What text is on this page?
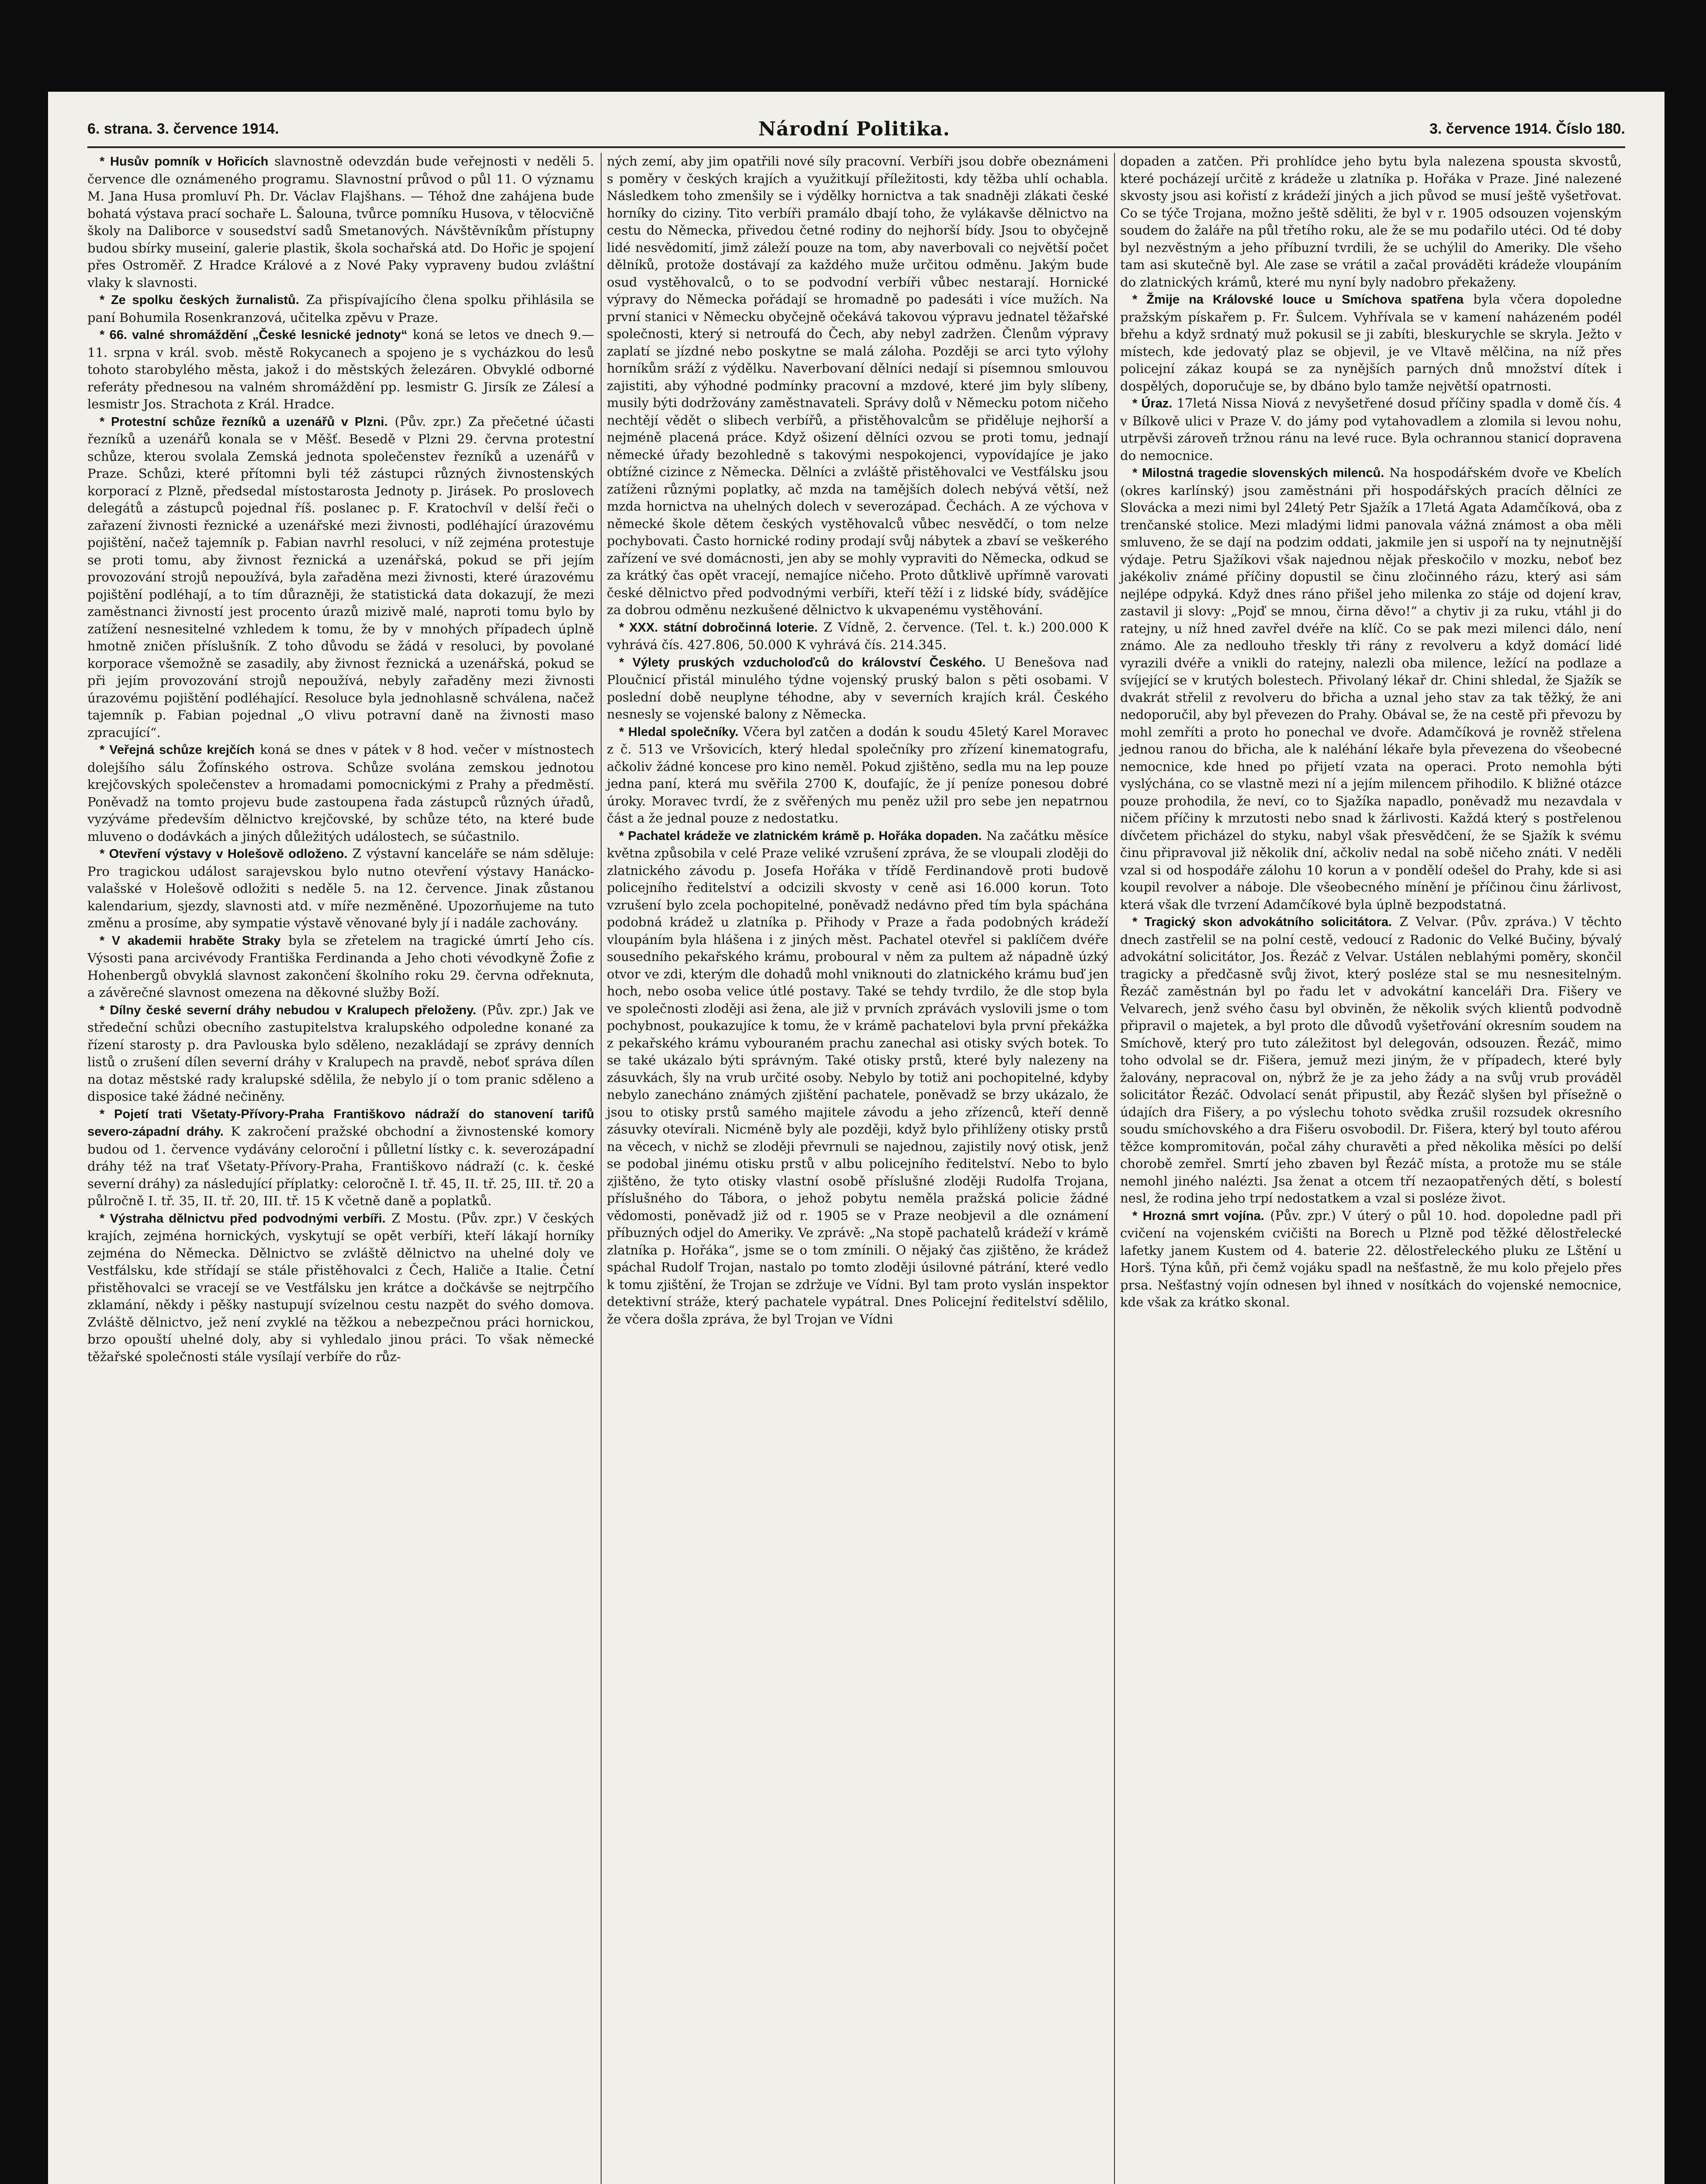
6. strana. 3. července 1914.	Národní Politika.	3. července 1914. Číslo 180.

* Husův pomník v Hořicích slavnostně odevzdán bude veřejnosti v neděli 5. července dle oznámeného programu. Slavnostní průvod o půl 11. O významu M. Jana Husa promluví Ph. Dr. Václav Flajšhans. — Téhož dne zahájena bude bohatá výstava prací sochaře L. Šalouna, tvůrce pomníku Husova, v tělocvičně školy na Daliborce v sousedství sadů Smetanových. Návštěvníkům přístupny budou sbírky museiní, galerie plastik, škola sochařská atd. Do Hořic je spojení přes Ostroměř. Z Hradce Králové a z Nové Paky vypraveny budou zvláštní vlaky k slavnosti.

* Ze spolku českých žurnalistů. Za přispívajícího člena spolku přihlásila se paní Bohumila Rosenkranzová, učitelka zpěvu v Praze.

* 66. valné shromáždění „České lesnické jednoty“ koná se letos ve dnech 9.—11. srpna v král. svob. městě Rokycanech a spojeno je s vycházkou do lesů tohoto starobylého města, jakož i do městských železáren. Obvyklé odborné referáty přednesou na valném shromáždění pp. lesmistr G. Jirsík ze Zálesí a lesmistr Jos. Strachota z Král. Hradce.

* Protestní schůze řezníků a uzenářů v Plzni. (Pův. zpr.) Za přečetné účasti řezníků a uzenářů konala se v Měšť. Besedě v Plzni 29. června protestní schůze, kterou svolala Zemská jednota společenstev řezníků a uzenářů v Praze. Schůzi, které přítomni byli též zástupci různých živnostenských korporací z Plzně, předsedal místostarosta Jednoty p. Jirásek. Po proslovech delegátů a zástupců pojednal říš. poslanec p. F. Kratochvíl v delší řeči o zařazení živnosti řeznické a uzenářské mezi živnosti, podléhající úrazovému pojištění, načež tajemník p. Fabian navrhl resoluci, v níž zejména protestuje se proti tomu, aby živnost řeznická a uzenářská, pokud se při jejím provozování strojů nepoužívá, byla zařaděna mezi živnosti, které úrazovému pojištění podléhají, a to tím důrazněji, že statistická data dokazují, že mezi zaměstnanci živností jest procento úrazů mizivě malé, naproti tomu bylo by zatížení nesnesitelné vzhledem k tomu, že by v mnohých případech úplně hmotně zničen příslušník. Z toho důvodu se žádá v resoluci, by povolané korporace všemožně se zasadily, aby živnost řeznická a uzenářská, pokud se při jejím provozování strojů nepoužívá, nebyly zařaděny mezi živnosti úrazovému pojištění podléhající. Resoluce byla jednohlasně schválena, načež tajemník p. Fabian pojednal „O vlivu potravní daně na živnosti maso zpracující“.

* Veřejná schůze krejčích koná se dnes v pátek v 8 hod. večer v místnostech dolejšího sálu Žofínského ostrova. Schůze svolána zemskou jednotou krejčovských společenstev a hromadami pomocnickými z Prahy a předměstí. Poněvadž na tomto projevu bude zastoupena řada zástupců různých úřadů, vyzýváme především dělnictvo krejčovské, by schůze této, na které bude mluveno o dodávkách a jiných důležitých událostech, se súčastnilo.

* Otevření výstavy v Holešově odloženo. Z výstavní kanceláře se nám sděluje: Pro tragickou událost sarajevskou bylo nutno otevření výstavy Hanácko-valašské v Holešově odložiti s neděle 5. na 12. července. Jinak zůstanou kalendarium, sjezdy, slavnosti atd. v míře nezměněné. Upozorňujeme na tuto změnu a prosíme, aby sympatie výstavě věnované byly jí i nadále zachovány.

* V akademii hraběte Straky byla se zřetelem na tragické úmrtí Jeho cís. Výsosti pana arcivévody Františka Ferdinanda a Jeho choti vévodkyně Žofie z Hohenbergů obvyklá slavnost zakončení školního roku 29. června odřeknuta, a závěrečné slavnost omezena na děkovné služby Boží.

* Dílny české severní dráhy nebudou v Kralupech přeloženy. (Pův. zpr.) Jak ve středeční schůzi obecního zastupitelstva kralupského odpoledne konané za řízení starosty p. dra Pavlouska bylo sděleno, nezakládají se zprávy denních listů o zrušení dílen severní dráhy v Kralupech na pravdě, neboť správa dílen na dotaz městské rady kralupské sdělila, že nebylo jí o tom pranic sděleno a disposice také žádné nečiněny.

* Pojetí trati Všetaty-Přívory-Praha Františkovo nádraží do stanovení tarifů severo-západní dráhy. K zakročení pražské obchodní a živnostenské komory budou od 1. července vydávány celoroční i půlletní lístky c. k. severozápadní dráhy též na trať Všetaty-Přívory-Praha, Františkovo nádraží (c. k. české severní dráhy) za následující příplatky: celoročně I. tř. 45, II. tř. 25, III. tř. 20 a půlročně I. tř. 35, II. tř. 20, III. tř. 15 K včetně daně a poplatků.

* Výstraha dělnictvu před podvodnými verbíři. Z Mostu. (Pův. zpr.) V českých krajích, zejména hornických, vyskytují se opět verbíři, kteří lákají horníky zejména do Německa. Dělnictvo se zvláště dělnictvo na uhelné doly ve Vestfálsku, kde střídají se stále přistěhovalci z Čech, Haliče a Italie. Četní přistěhovalci se vracejí se ve Vestfálsku jen krátce a dočkávše se nejtrpčího zklamání, někdy i pěšky nastupují svízelnou cestu nazpět do svého domova. Zvláště dělnictvo, jež není zvyklé na těžkou a nebezpečnou práci hornickou, brzo opouští uhelné doly, aby si vyhledalo jinou práci. To však německé těžařské společnosti stále vysílají verbíře do růz-

ných zemí, aby jim opatřili nové síly pracovní. Verbíři jsou dobře obeznámeni s poměry v českých krajích a využitkují příležitosti, kdy těžba uhlí ochabla. Následkem toho zmenšily se i výdělky hornictva a tak snadněji zlákati české horníky do ciziny. Tito verbíři pramálo dbají toho, že vylákavše dělnictvo na cestu do Německa, přivedou četné rodiny do nejhorší bídy. Jsou to obyčejně lidé nesvědomití, jimž záleží pouze na tom, aby naverbovali co největší počet dělníků, protože dostávají za každého muže určitou odměnu. Jakým bude osud vystěhovalců, o to se podvodní verbíři vůbec nestarají. Hornické výpravy do Německa pořádají se hromadně po padesáti i více mužích. Na první stanici v Německu obyčejně očekává takovou výpravu jednatel těžařské společnosti, který si netroufá do Čech, aby nebyl zadržen. Členům výpravy zaplatí se jízdné nebo poskytne se malá záloha. Později se arci tyto výlohy horníkům sráží z výdělku. Naverbovaní dělníci nedají si písemnou smlouvou zajistiti, aby výhodné podmínky pracovní a mzdové, které jim byly slíbeny, musily býti dodržovány zaměstnavateli. Správy dolů v Německu potom ničeho nechtějí vědět o slibech verbířů, a přistěhovalcům se přiděluje nejhorší a nejméně placená práce. Když ošizení dělníci ozvou se proti tomu, jednají německé úřady bezohledně s takovými nespokojenci, vypovídajíce je jako obtížné cizince z Německa. Dělníci a zvláště přistěhovalci ve Vestfálsku jsou zatíženi různými poplatky, ač mzda na tamějších dolech nebývá větší, než mzda hornictva na uhelných dolech v severozápad. Čechách. A ze výchova v německé škole dětem českých vystěhovalců vůbec nesvědčí, o tom nelze pochybovati. Často hornické rodiny prodají svůj nábytek a zbaví se veškerého zařízení ve své domácnosti, jen aby se mohly vypraviti do Německa, odkud se za krátký čas opět vracejí, nemajíce ničeho. Proto důtklivě upřímně varovati české dělnictvo před podvodnými verbíři, kteří těží i z lidské bídy, svádějíce za dobrou odměnu nezkušené dělnictvo k ukvapenému vystěhování.

* XXX. státní dobročinná loterie. Z Vídně, 2. července. (Tel. t. k.) 200.000 K vyhrává čís. 427.806, 50.000 K vyhrává čís. 214.345.

* Výlety pruských vzducholoďců do království Českého. U Benešova nad Ploučnicí přistál minulého týdne vojenský pruský balon s pěti osobami. V poslední době neuplyne téhodne, aby v severních krajích král. Českého nesnesly se vojenské balony z Německa.

* Hledal společníky. Včera byl zatčen a dodán k soudu 45letý Karel Moravec z č. 513 ve Vršovicích, který hledal společníky pro zřízení kinematografu, ačkoliv žádné koncese pro kino neměl. Pokud zjištěno, sedla mu na lep pouze jedna paní, která mu svěřila 2700 K, doufajíc, že jí peníze ponesou dobré úroky. Moravec tvrdí, že z svěřených mu peněz užil pro sebe jen nepatrnou část a že jednal pouze z nedostatku.

* Pachatel krádeže ve zlatnickém krámě p. Hořáka dopaden. Na začátku měsíce května způsobila v celé Praze veliké vzrušení zpráva, že se vloupali zloději do zlatnického závodu p. Josefa Hořáka v třídě Ferdinandově proti budově policejního ředitelství a odcizili skvosty v ceně asi 16.000 korun. Toto vzrušení bylo zcela pochopitelné, poněvadž nedávno před tím byla spáchána podobná krádež u zlatníka p. Přihody v Praze a řada podobných krádeží vloupáním byla hlášena i z jiných měst. Pachatel otevřel si paklíčem dvéře sousedního pekařského krámu, proboural v něm za pultem až nápadně úzký otvor ve zdi, kterým dle dohadů mohl vniknouti do zlatnického krámu buď jen hoch, nebo osoba velice útlé postavy. Také se tehdy tvrdilo, že dle stop byla ve společnosti zloději asi žena, ale již v prvních zprávách vyslovili jsme o tom pochybnost, poukazujíce k tomu, že v krámě pachatelovi byla první překážka z pekařského krámu vybouraném prachu zanechal asi otisky svých botek. To se také ukázalo býti správným. Také otisky prstů, které byly nalezeny na zásuvkách, šly na vrub určité osoby. Nebylo by totiž ani pochopitelné, kdyby nebylo zanecháno známých zjištění pachatele, poněvadž se brzy ukázalo, že jsou to otisky prstů samého majitele závodu a jeho zřízenců, kteří denně zásuvky otevírali. Nicméně byly ale později, když bylo přihlíženy otisky prstů na věcech, v nichž se zloději převrnuli se najednou, zajistily nový otisk, jenž se podobal jinému otisku prstů v albu policejního ředitelství. Nebo to bylo zjištěno, že tyto otisky vlastní osobě příslušné zloději Rudolfa Trojana, příslušného do Tábora, o jehož pobytu neměla pražská policie žádné vědomosti, poněvadž již od r. 1905 se v Praze neobjevil a dle oznámení příbuzných odjel do Ameriky. Ve zprávě: „Na stopě pachatelů krádeží v krámě zlatníka p. Hořáka“, jsme se o tom zmínili. O nějaký čas zjištěno, že krádež spáchal Rudolf Trojan, nastalo po tomto zloději úsilovné pátrání, které vedlo k tomu zjištění, že Trojan se zdržuje ve Vídni. Byl tam proto vyslán inspektor detektivní stráže, který pachatele vypátral. Dnes Policejní ředitelství sdělilo, že včera došla zpráva, že byl Trojan ve Vídni

dopaden a zatčen. Při prohlídce jeho bytu byla nalezena spousta skvostů, které pocházejí určitě z krádeže u zlatníka p. Hořáka v Praze. Jiné nalezené skvosty jsou asi kořistí z krádeží jiných a jich původ se musí ještě vyšetřovat. Co se týče Trojana, možno ještě sděliti, že byl v r. 1905 odsouzen vojenským soudem do žaláře na půl třetího roku, ale že se mu podařilo utéci. Od té doby byl nezvěstným a jeho příbuzní tvrdili, že se uchýlil do Ameriky. Dle všeho tam asi skutečně byl. Ale zase se vrátil a začal prováděti krádeže vloupáním do zlatnických krámů, které mu nyní byly nadobro překaženy.

* Žmije na Královské louce u Smíchova spatřena byla včera dopoledne pražským pískařem p. Fr. Šulcem. Vyhřívala se v kamení naházeném podél břehu a když srdnatý muž pokusil se ji zabíti, bleskurychle se skryla. Ježto v místech, kde jedovatý plaz se objevil, je ve Vltavě mělčina, na níž přes policejní zákaz koupá se za nynějších parných dnů množství dítek i dospělých, doporučuje se, by dbáno bylo tamže největší opatrnosti.

* Úraz. 17letá Nissa Niová z nevyšetřené dosud příčiny spadla v domě čís. 4 v Bílkově ulici v Praze V. do jámy pod vytahovadlem a zlomila si levou nohu, utrpěvši zároveň tržnou ránu na levé ruce. Byla ochrannou stanicí dopravena do nemocnice.

* Milostná tragedie slovenských milenců. Na hospodářském dvoře ve Kbelích (okres karlínský) jsou zaměstnáni při hospodářských pracích dělníci ze Slovácka a mezi nimi byl 24letý Petr Sjažík a 17letá Agata Adamčíková, oba z trenčanské stolice. Mezi mladými lidmi panovala vážná známost a oba měli smluveno, že se dají na podzim oddati, jakmile jen si uspoří na ty nejnutnější výdaje. Petru Sjažíkovi však najednou nějak přeskočilo v mozku, neboť bez jakékoliv známé příčiny dopustil se činu zločinného rázu, který asi sám nejlépe odpyká. Když dnes ráno přišel jeho milenka zo stáje od dojení krav, zastavil ji slovy: „Pojď se mnou, čirna děvo!“ a chytiv ji za ruku, vtáhl ji do ratejny, u níž hned zavřel dvéře na klíč. Co se pak mezi milenci dálo, není známo. Ale za nedlouho třeskly tři rány z revolveru a když domácí lidé vyrazili dvéře a vnikli do ratejny, nalezli oba milence, ležící na podlaze a svíjející se v krutých bolestech. Přivolaný lékař dr. Chini shledal, že Sjažík se dvakrát střelil z revolveru do břicha a uznal jeho stav za tak těžký, že ani nedoporučil, aby byl převezen do Prahy. Obával se, že na cestě při převozu by mohl zemříti a proto ho ponechal ve dvoře. Adamčíková je rovněž střelena jednou ranou do břicha, ale k naléhání lékaře byla převezena do všeobecné nemocnice, kde hned po přijetí vzata na operaci. Proto nemohla býti vyslýchána, co se vlastně mezi ní a jejím milencem přihodilo. K bližné otázce pouze prohodila, že neví, co to Sjažíka napadlo, poněvadž mu nezavdala v ničem příčiny k mrzutosti nebo snad k žárlivosti. Každá který s postřelenou dívčetem přicházel do styku, nabyl však přesvědčení, že se Sjažík k svému činu připravoval již několik dní, ačkoliv nedal na sobě ničeho znáti. V neděli vzal si od hospodáře zálohu 10 korun a v pondělí odešel do Prahy, kde si asi koupil revolver a náboje. Dle všeobecného mínění je příčinou činu žárlivost, která však dle tvrzení Adamčíkové byla úplně bezpodstatná.

* Tragický skon advokátního solicitátora. Z Velvar. (Pův. zpráva.) V těchto dnech zastřelil se na polní cestě, vedoucí z Radonic do Velké Bučiny, bývalý advokátní solicitátor, Jos. Řezáč z Velvar. Ustálen neblahými poměry, skončil tragicky a předčasně svůj život, který posléze stal se mu nesnesitelným. Řezáč zaměstnán byl po řadu let v advokátní kanceláři Dra. Fišery ve Velvarech, jenž svého času byl obviněn, že několik svých klientů podvodně připravil o majetek, a byl proto dle důvodů vyšetřování okresním soudem na Smíchově, který pro tuto záležitost byl delegován, odsouzen. Řezáč, mimo toho odvolal se dr. Fišera, jemuž mezi jiným, že v případech, které byly žalovány, nepracoval on, nýbrž že je za jeho žády a na svůj vrub prováděl solicitátor Řezáč. Odvolací senát připustil, aby Řezáč slyšen byl přísežně o údajích dra Fišery, a po výslechu tohoto svědka zrušil rozsudek okresního soudu smíchovského a dra Fišeru osvobodil. Dr. Fišera, který byl touto aférou těžce kompromitován, počal záhy churavěti a před několika měsíci po delší chorobě zemřel. Smrtí jeho zbaven byl Řezáč místa, a protože mu se stále nemohl jiného nalézti. Jsa ženat a otcem tří nezaopatřených dětí, s bolestí nesl, že rodina jeho trpí nedostatkem a vzal si posléze život.

* Hrozná smrt vojína. (Pův. zpr.) V úterý o půl 10. hod. dopoledne padl při cvičení na vojenském cvičišti na Borech u Plzně pod těžké dělostřelecké lafetky janem Kustem od 4. baterie 22. dělostřeleckého pluku ze Lštění u Horš. Týna kůň, při čemž vojáku spadl na nešťastně, že mu kolo přejelo přes prsa. Nešťastný vojín odnesen byl ihned v nosítkách do vojenské nemocnice, kde však za krátko skonal.
